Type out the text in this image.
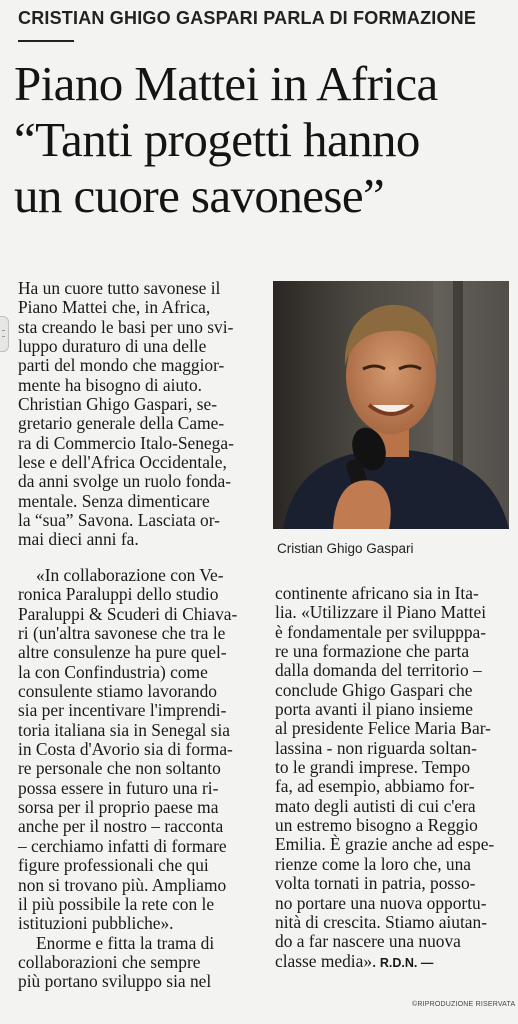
CRISTIAN GHIGO GASPARI PARLA DI FORMAZIONE
Piano Mattei in Africa
“Tanti progetti hanno
un cuore savonese”
Ha un cuore tutto savonese il
Piano Mattei che, in Africa,
sta creando le basi per uno svi-
luppo duraturo di una delle
parti del mondo che maggior-
mente ha bisogno di aiuto.
Christian Ghigo Gaspari, se-
gretario generale della Came-
ra di Commercio Italo-Senega-
lese e dell'Africa Occidentale,
da anni svolge un ruolo fonda-
mentale. Senza dimenticare
la “sua” Savona. Lasciata or-
mai dieci anni fa.
«In collaborazione con Ve-
ronica Paraluppi dello studio
Paraluppi & Scuderi di Chiava-
ri (un'altra savonese che tra le
altre consulenze ha pure quel-
la con Confindustria) come
consulente stiamo lavorando
sia per incentivare l'imprendi-
toria italiana sia in Senegal sia
in Costa d'Avorio sia di forma-
re personale che non soltanto
possa essere in futuro una ri-
sorsa per il proprio paese ma
anche per il nostro – racconta
– cerchiamo infatti di formare
figure professionali che qui
non si trovano più. Ampliamo
il più possibile la rete con le
istituzioni pubbliche».
Enorme e fitta la trama di
collaborazioni che sempre
più portano sviluppo sia nel
continente africano sia in Ita-
lia. «Utilizzare il Piano Mattei
è fondamentale per svilupppa-
re una formazione che parta
dalla domanda del territorio –
conclude Ghigo Gaspari che
porta avanti il piano insieme
al presidente Felice Maria Bar-
lassina - non riguarda soltan-
to le grandi imprese. Tempo
fa, ad esempio, abbiamo for-
mato degli autisti di cui c'era
un estremo bisogno a Reggio
Emilia. È grazie anche ad espe-
rienze come la loro che, una
volta tornati in patria, posso-
no portare una nuova opportu-
nità di crescita. Stiamo aiutan-
do a far nascere una nuova
classe media». R.D.N. —
Cristian Ghigo Gaspari
©RIPRODUZIONE RISERVATA
